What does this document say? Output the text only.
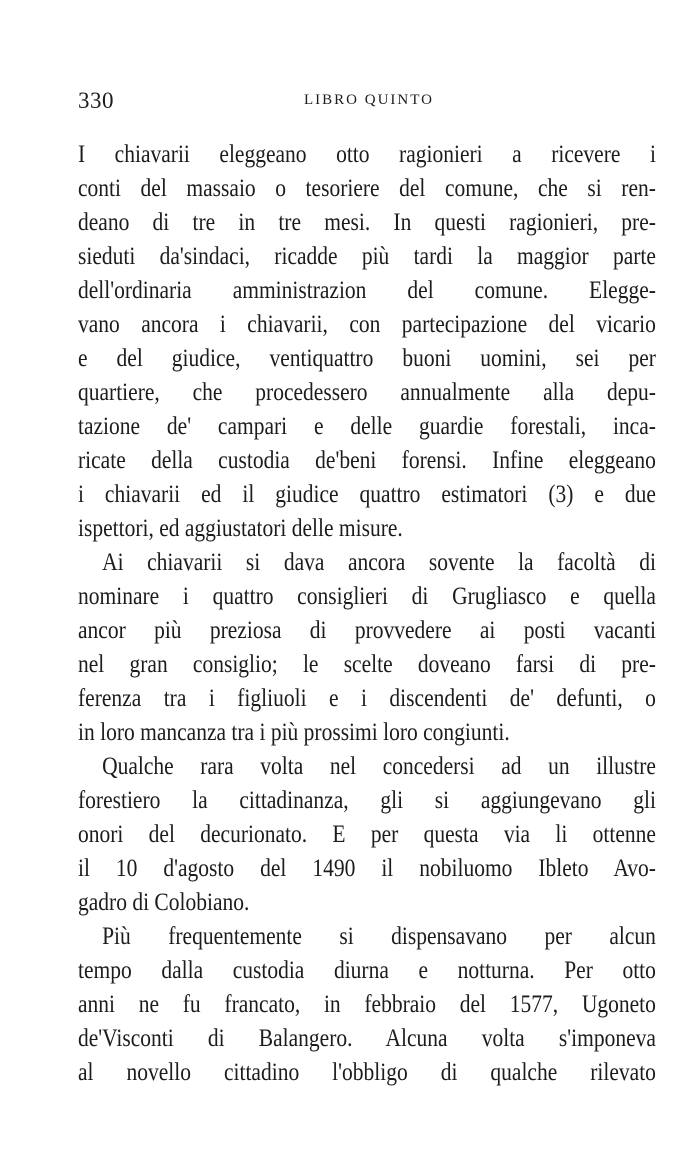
330	LIBRO QUINTO
I chiavarii eleggeano otto ragionieri a ricevere i
conti del massaio o tesoriere del comune, che si ren-
deano di tre in tre mesi. In questi ragionieri, pre-
sieduti da'sindaci, ricadde più tardi la maggior parte
dell'ordinaria amministrazion del comune. Elegge-
vano ancora i chiavarii, con partecipazione del vicario
e del giudice, ventiquattro buoni uomini, sei per
quartiere, che procedessero annualmente alla depu-
tazione de' campari e delle guardie forestali, inca-
ricate della custodia de'beni forensi. Infine eleggeano
i chiavarii ed il giudice quattro estimatori (3) e due
ispettori, ed aggiustatori delle misure.
Ai chiavarii si dava ancora sovente la facoltà di
nominare i quattro consiglieri di Grugliasco e quella
ancor più preziosa di provvedere ai posti vacanti
nel gran consiglio; le scelte doveano farsi di pre-
ferenza tra i figliuoli e i discendenti de' defunti, o
in loro mancanza tra i più prossimi loro congiunti.
Qualche rara volta nel concedersi ad un illustre
forestiero la cittadinanza, gli si aggiungevano gli
onori del decurionato. E per questa via li ottenne
il 10 d'agosto del 1490 il nobiluomo Ibleto Avo-
gadro di Colobiano.
Più frequentemente si dispensavano per alcun
tempo dalla custodia diurna e notturna. Per otto
anni ne fu francato, in febbraio del 1577, Ugoneto
de'Visconti di Balangero. Alcuna volta s'imponeva
al novello cittadino l'obbligo di qualche rilevato
